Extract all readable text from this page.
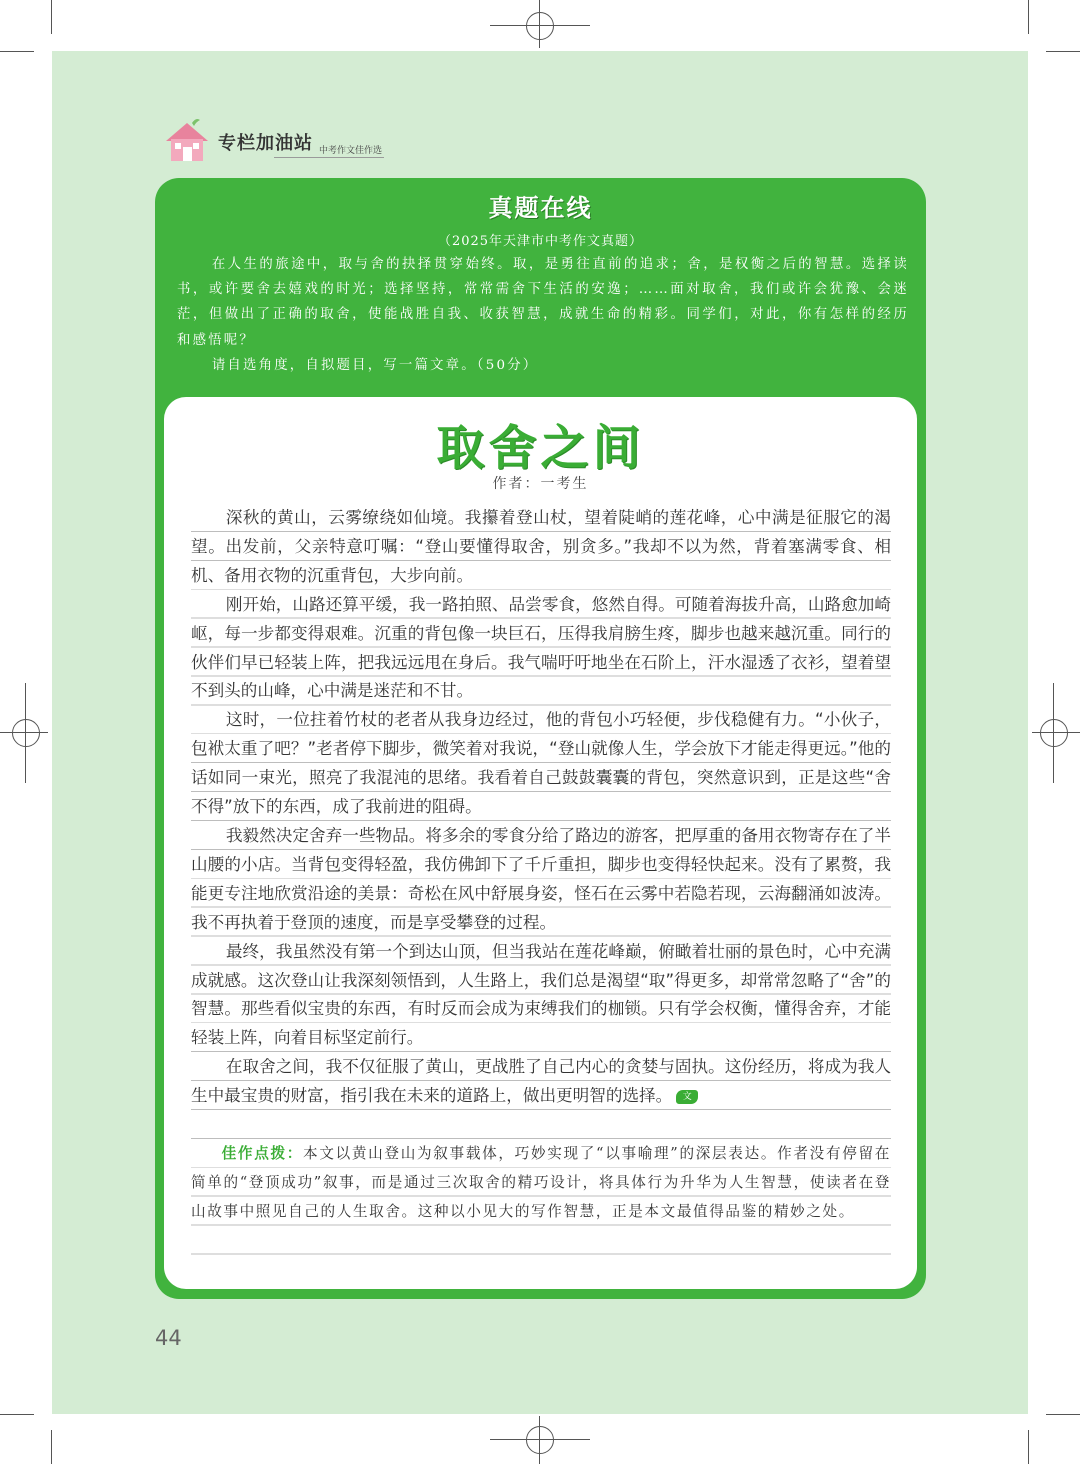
专栏加油站 中考作文佳作选
真题在线
（2025年天津市中考作文真题）

在人生的旅途中，取与舍的抉择贯穿始终。取，是勇往直前的追求；舍，是权衡之后的智慧。选择读书，或许要舍去嬉戏的时光；选择坚持，常常需舍下生活的安逸；……面对取舍，我们或许会犹豫、会迷茫，但做出了正确的取舍，使能战胜自我、收获智慧，成就生命的精彩。同学们，对此，你有怎样的经历和感悟呢？

请自选角度，自拟题目，写一篇文章。（50分）

取舍之间
作者：一考生

深秋的黄山，云雾缭绕如仙境。我攥着登山杖，望着陡峭的莲花峰，心中满是征服它的渴望。出发前，父亲特意叮嘱：“登山要懂得取舍，别贪多。”我却不以为然，背着塞满零食、相机、备用衣物的沉重背包，大步向前。

刚开始，山路还算平缓，我一路拍照、品尝零食，悠然自得。可随着海拔升高，山路愈加崎岖，每一步都变得艰难。沉重的背包像一块巨石，压得我肩膀生疼，脚步也越来越沉重。同行的伙伴们早已轻装上阵，把我远远甩在身后。我气喘吁吁地坐在石阶上，汗水湿透了衣衫，望着望不到头的山峰，心中满是迷茫和不甘。

这时，一位拄着竹杖的老者从我身边经过，他的背包小巧轻便，步伐稳健有力。“小伙子，包袱太重了吧？”老者停下脚步，微笑着对我说，“登山就像人生，学会放下才能走得更远。”他的话如同一束光，照亮了我混沌的思绪。我看着自己鼓鼓囊囊的背包，突然意识到，正是这些“舍不得”放下的东西，成了我前进的阻碍。

我毅然决定舍弃一些物品。将多余的零食分给了路边的游客，把厚重的备用衣物寄存在了半山腰的小店。当背包变得轻盈，我仿佛卸下了千斤重担，脚步也变得轻快起来。没有了累赘，我能更专注地欣赏沿途的美景：奇松在风中舒展身姿，怪石在云雾中若隐若现，云海翻涌如波涛。我不再执着于登顶的速度，而是享受攀登的过程。

最终，我虽然没有第一个到达山顶，但当我站在莲花峰巅，俯瞰着壮丽的景色时，心中充满成就感。这次登山让我深刻领悟到，人生路上，我们总是渴望“取”得更多，却常常忽略了“舍”的智慧。那些看似宝贵的东西，有时反而会成为束缚我们的枷锁。只有学会权衡，懂得舍弃，才能轻装上阵，向着目标坚定前行。

在取舍之间，我不仅征服了黄山，更战胜了自己内心的贪婪与固执。这份经历，将成为我人生中最宝贵的财富，指引我在未来的道路上，做出更明智的选择。 文

佳作点拨：本文以黄山登山为叙事载体，巧妙实现了“以事喻理”的深层表达。作者没有停留在简单的“登顶成功”叙事，而是通过三次取舍的精巧设计，将具体行为升华为人生智慧，使读者在登山故事中照见自己的人生取舍。这种以小见大的写作智慧，正是本文最值得品鉴的精妙之处。

44
